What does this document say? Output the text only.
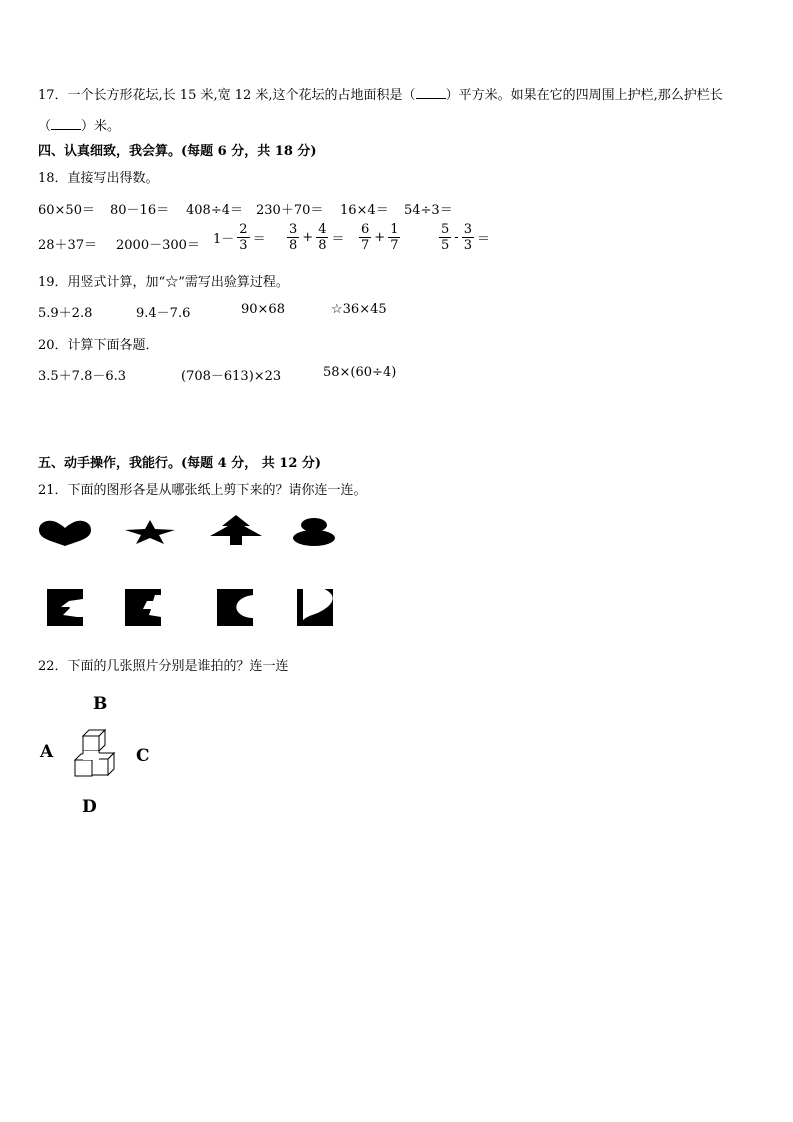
17．一个长方形花坛,长 15 米,宽 12 米,这个花坛的占地面积是（ ）平方米。如果在它的四周围上护栏,那么护栏长
（ ）米。
四、认真细致，我会算。(每题 6 分，共 18 分)
18．直接写出得数。
60×50＝ 80－16＝ 408÷4＝ 230＋70＝ 16×4＝ 54÷3＝
$28+37= 2000-300= 1- \frac{2}{3} = \frac{3}{8} + \frac{4}{8} = \frac{6}{7} + \frac{1}{7}$	$\frac{5}{5} - \frac{3}{3}$ ＝
19．用竖式计算，加“☆”需写出验算过程。
5.9＋2.8	9.4－7.6	90×68	☆36×45
20．计算下面各题．
3.5＋7.8－6.3	(708－613)×23	58×(60÷4)
五、动手操作，我能行。(每题 4 分， 共 12 分)
21．下面的图形各是从哪张纸上剪下来的？请你连一连。
22．下面的几张照片分别是谁拍的？连一连
B
A	C
D
